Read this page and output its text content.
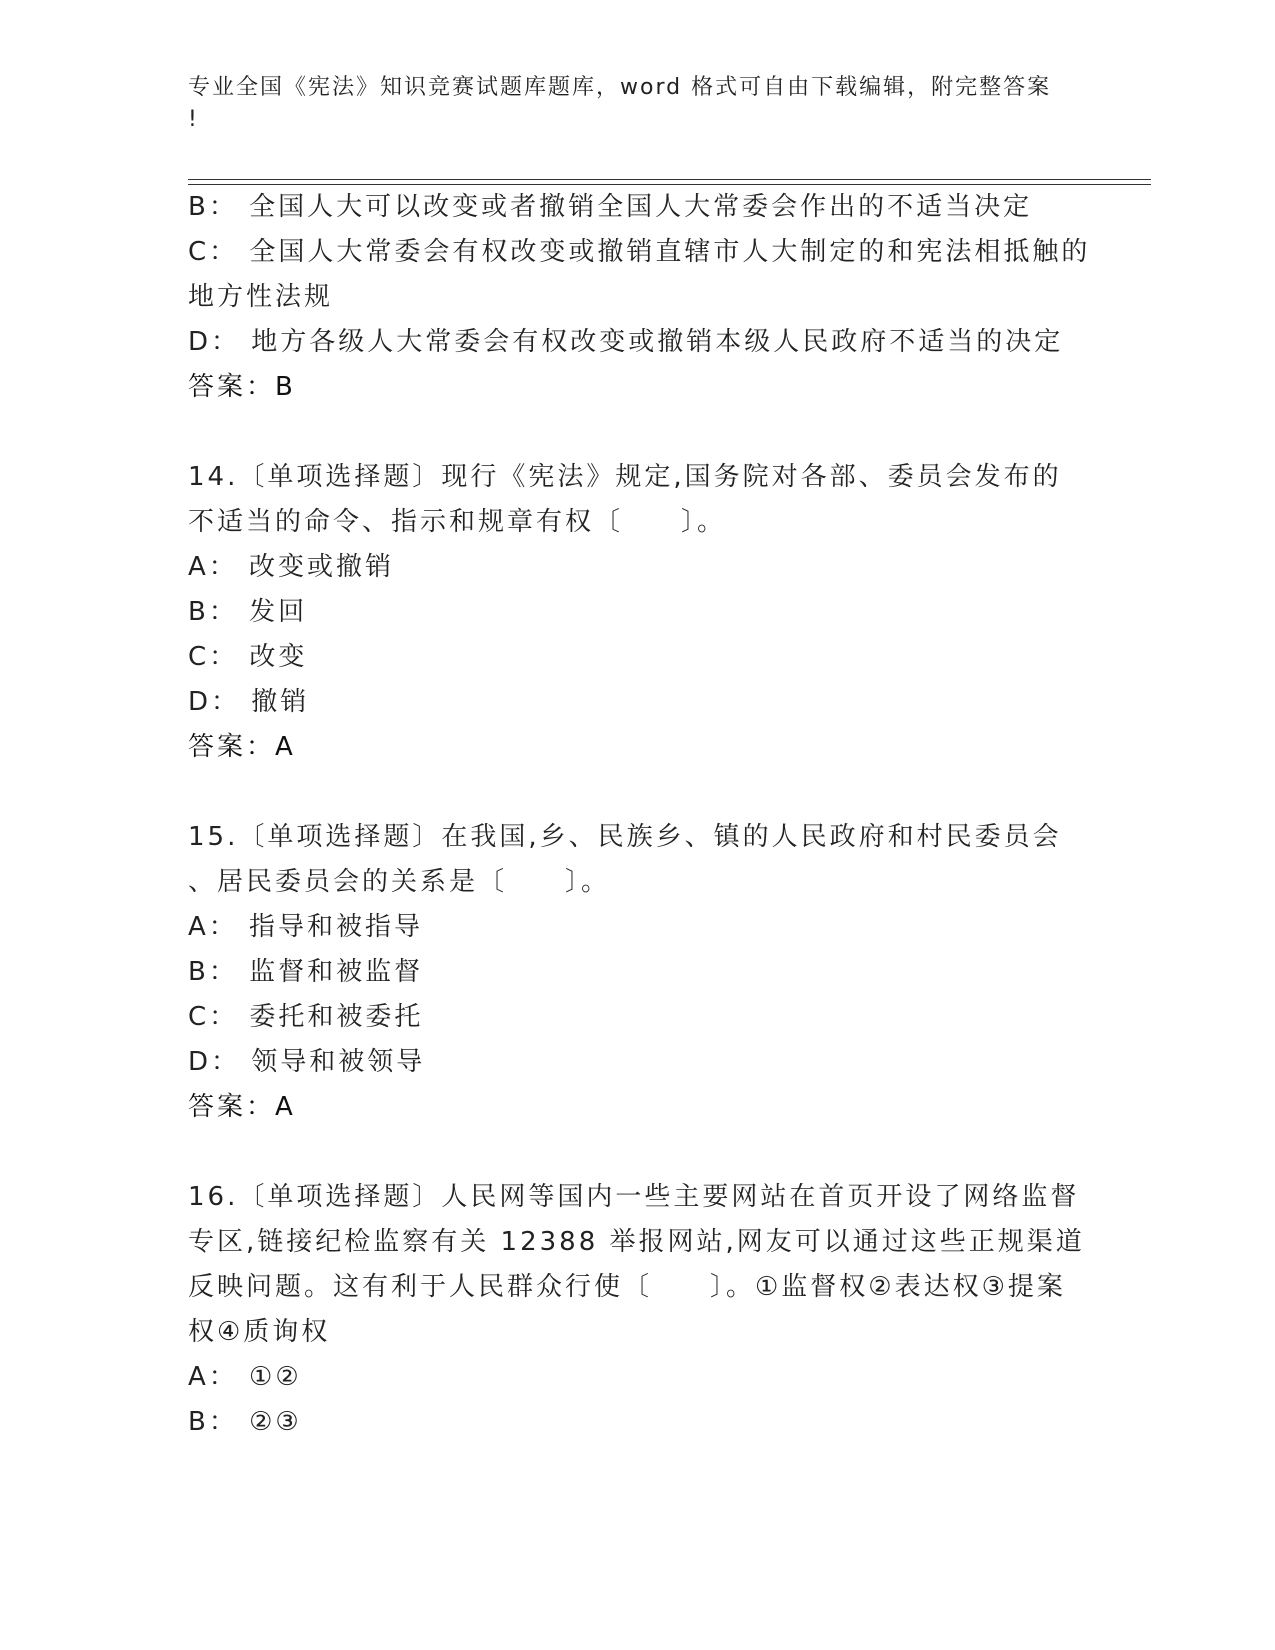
专业全国《宪法》知识竞赛试题库题库，word 格式可自由下载编辑，附完整答案
!
B： 全国人大可以改变或者撤销全国人大常委会作出的不适当决定
C： 全国人大常委会有权改变或撤销直辖市人大制定的和宪法相抵触的
地方性法规
D： 地方各级人大常委会有权改变或撤销本级人民政府不适当的决定
答案：B
14.〔单项选择题〕现行《宪法》规定,国务院对各部、委员会发布的
不适当的命令、指示和规章有权〔　　〕。
A： 改变或撤销
B： 发回
C： 改变
D： 撤销
答案：A
15.〔单项选择题〕在我国,乡、民族乡、镇的人民政府和村民委员会
、居民委员会的关系是〔　　〕。
A： 指导和被指导
B： 监督和被监督
C： 委托和被委托
D： 领导和被领导
答案：A
16.〔单项选择题〕人民网等国内一些主要网站在首页开设了网络监督
专区,链接纪检监察有关 12388 举报网站,网友可以通过这些正规渠道
反映问题。这有利于人民群众行使〔　　〕。①监督权②表达权③提案
权④质询权
A： ①②
B： ②③
